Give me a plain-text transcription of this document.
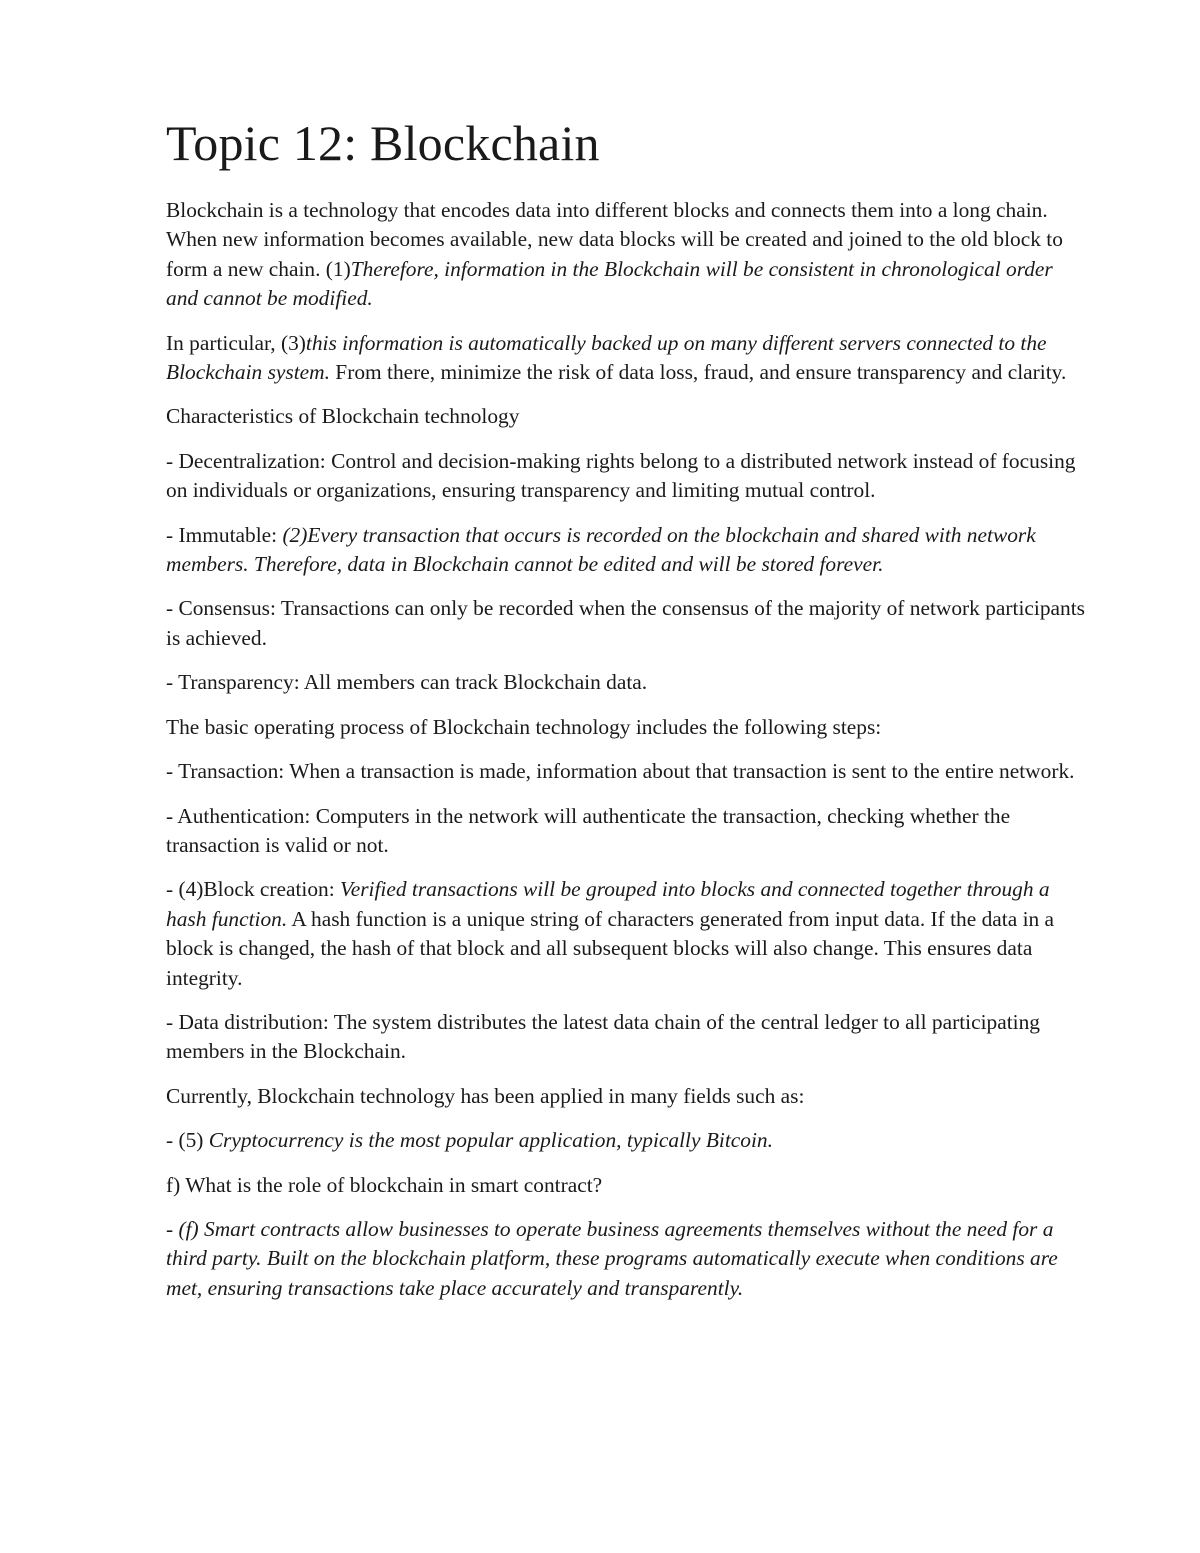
Topic 12: Blockchain

Blockchain is a technology that encodes data into different blocks and connects them into a long chain. When new information becomes available, new data blocks will be created and joined to the old block to form a new chain. (1)Therefore, information in the Blockchain will be consistent in chronological order and cannot be modified.

In particular, (3)this information is automatically backed up on many different servers connected to the Blockchain system. From there, minimize the risk of data loss, fraud, and ensure transparency and clarity.

Characteristics of Blockchain technology

- Decentralization: Control and decision-making rights belong to a distributed network instead of focusing on individuals or organizations, ensuring transparency and limiting mutual control.

- Immutable: (2)Every transaction that occurs is recorded on the blockchain and shared with network members. Therefore, data in Blockchain cannot be edited and will be stored forever.

- Consensus: Transactions can only be recorded when the consensus of the majority of network participants is achieved.

- Transparency: All members can track Blockchain data.

The basic operating process of Blockchain technology includes the following steps:

- Transaction: When a transaction is made, information about that transaction is sent to the entire network.

- Authentication: Computers in the network will authenticate the transaction, checking whether the transaction is valid or not.

- (4)Block creation: Verified transactions will be grouped into blocks and connected together through a hash function. A hash function is a unique string of characters generated from input data. If the data in a block is changed, the hash of that block and all subsequent blocks will also change. This ensures data integrity.

- Data distribution: The system distributes the latest data chain of the central ledger to all participating members in the Blockchain.

Currently, Blockchain technology has been applied in many fields such as:

- (5) Cryptocurrency is the most popular application, typically Bitcoin.

f) What is the role of blockchain in smart contract?

- (f) Smart contracts allow businesses to operate business agreements themselves without the need for a third party. Built on the blockchain platform, these programs automatically execute when conditions are met, ensuring transactions take place accurately and transparently.
